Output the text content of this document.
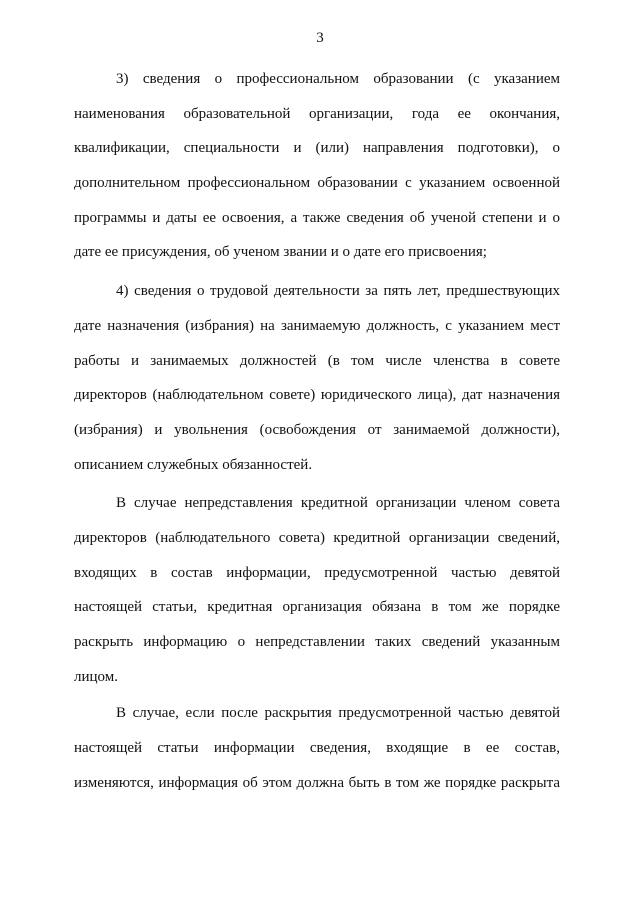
3
3) сведения о профессиональном образовании (с указанием
наименования образовательной организации, года ее окончания,
квалификации, специальности и (или) направления подготовки), о
дополнительном профессиональном образовании с указанием освоенной
программы и даты ее освоения, а также сведения об ученой степени и о
дате ее присуждения, об ученом звании и о дате его присвоения;
4) сведения о трудовой деятельности за пять лет, предшествующих
дате назначения (избрания) на занимаемую должность, с указанием мест
работы и занимаемых должностей (в том числе членства в совете
директоров (наблюдательном совете) юридического лица), дат назначения
(избрания) и увольнения (освобождения от занимаемой должности),
описанием служебных обязанностей.
В случае непредставления кредитной организации членом совета
директоров (наблюдательного совета) кредитной организации сведений,
входящих в состав информации, предусмотренной частью девятой
настоящей статьи, кредитная организация обязана в том же порядке
раскрыть информацию о непредставлении таких сведений указанным
лицом.
В случае, если после раскрытия предусмотренной частью девятой
настоящей статьи информации сведения, входящие в ее состав,
изменяются, информация об этом должна быть в том же порядке раскрыта
